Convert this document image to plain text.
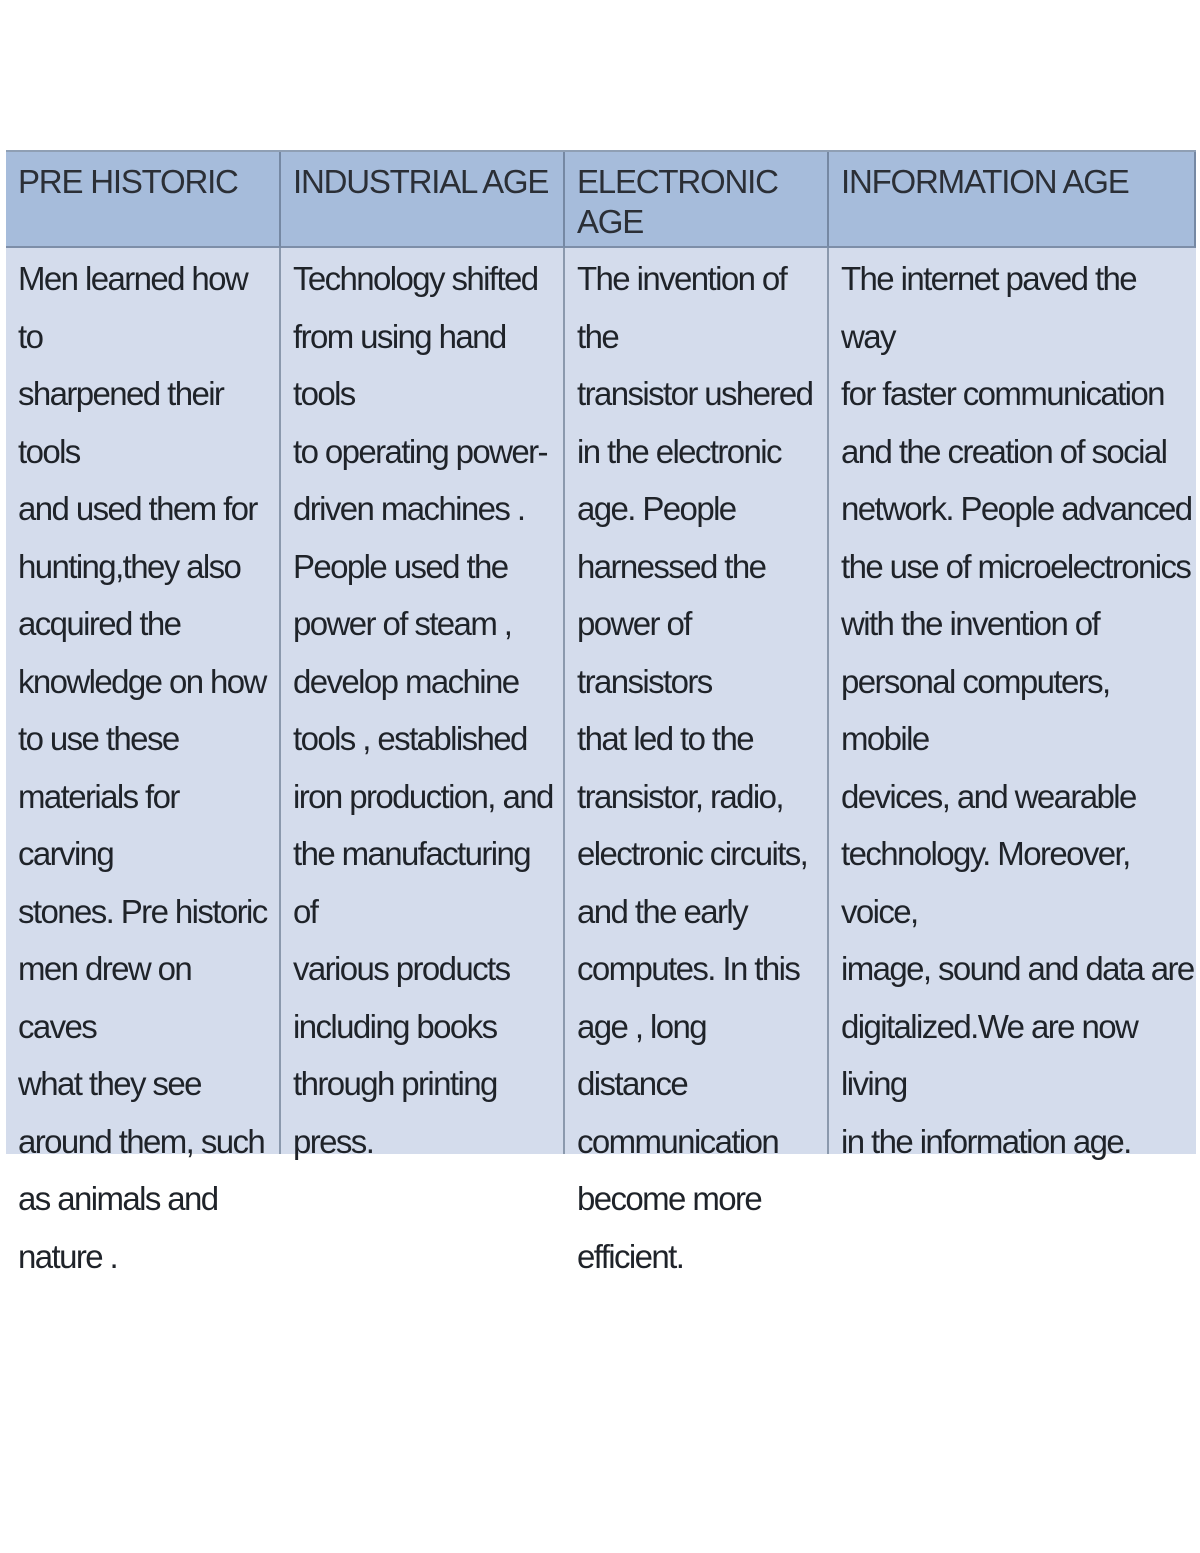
PRE HISTORIC	INDUSTRIAL AGE ELECTRONIC AGE
INFORMATION AGE
Men learned how to
sharpened their tools
and used them for
hunting,they also
acquired the
knowledge on how
to use these
materials for carving
stones. Pre historic
men drew on caves
what they see
around them, such
as animals and
nature .
Technology shifted
from using hand tools
to operating power-
driven machines .
People used the
power of steam ,
develop machine
tools , established
iron production, and
the manufacturing of
various products
including books
through printing
press.
The invention of the
transistor ushered
in the electronic
age. People
harnessed the
power of transistors
that led to the
transistor, radio,
electronic circuits,
and the early
computes. In this
age , long distance
communication
become more
efficient.
The internet paved the way
for faster communication
and the creation of social
network. People advanced
the use of microelectronics
with the invention of
personal computers, mobile
devices, and wearable
technology. Moreover, voice,
image, sound and data are
digitalized.We are now living
in the information age.
